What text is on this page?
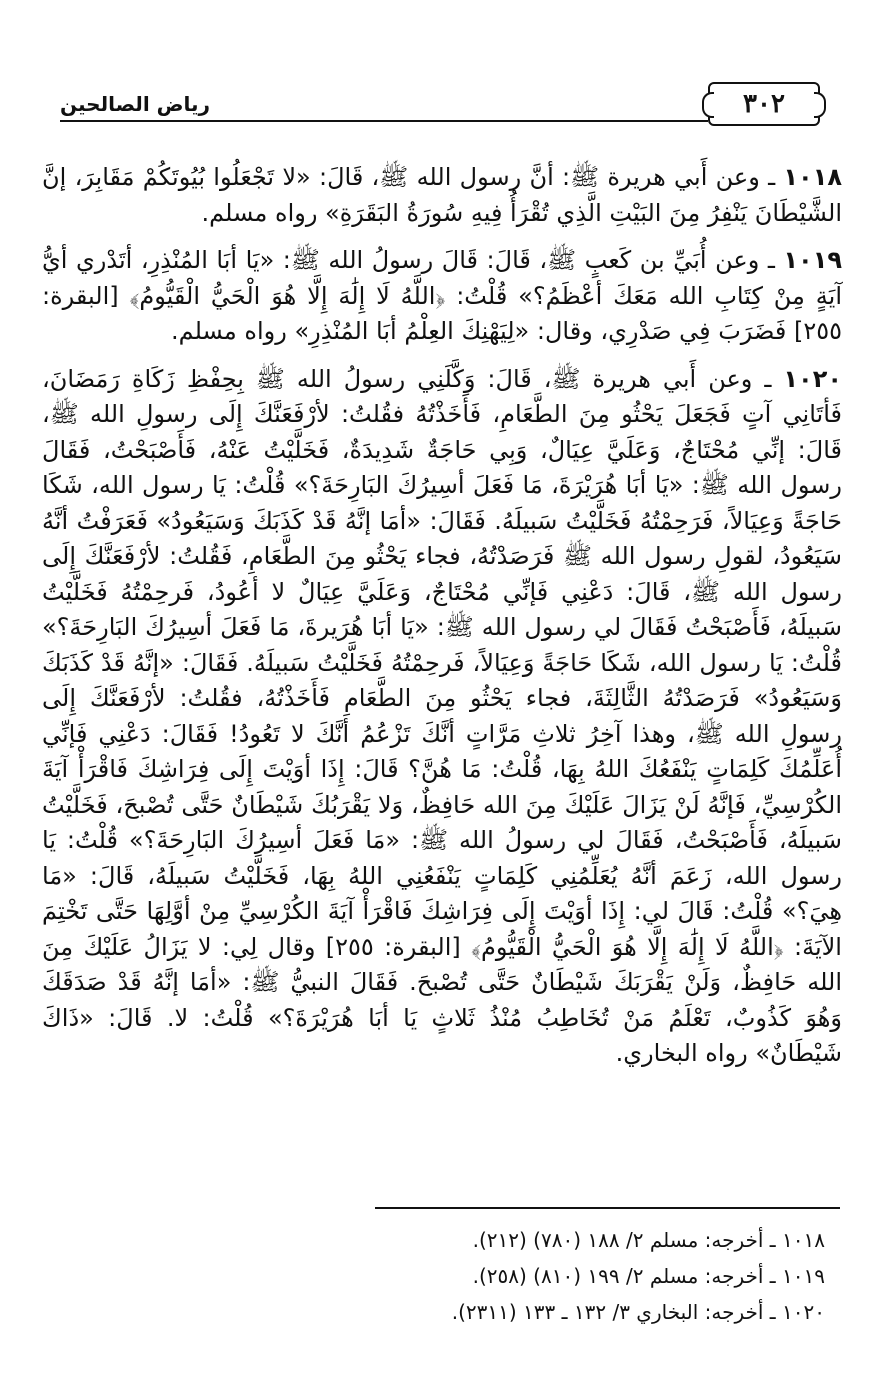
٣٠٢
رياض الصالحين

١٠١٨ ـ وعن أَبي هريرة ﷺ: أنَّ رسول الله ﷺ، قَالَ: «لا تَجْعَلُوا بُيُوتَكُمْ مَقَابِرَ، إنَّ الشَّيْطَانَ يَنْفِرُ مِنَ البَيْتِ الَّذِي تُقْرَأُ فِيهِ سُورَةُ البَقَرَةِ» رواه مسلم.

١٠١٩ ـ وعن أُبَيِّ بن كَعبٍ ﷺ، قَالَ: قَالَ رسولُ الله ﷺ: «يَا أبَا المُنْذِرِ، أتَدْري أيُّ آيَةٍ مِنْ كِتَابِ الله مَعَكَ أعْظَمُ؟» قُلْتُ: ﴿اللَّهُ لَا إِلَٰهَ إِلَّا هُوَ الْحَيُّ الْقَيُّومُ﴾ [البقرة: ٢٥٥] فَضَرَبَ فِي صَدْرِي، وقال: «لِيَهْنِكَ العِلْمُ أبَا المُنْذِرِ» رواه مسلم.

١٠٢٠ ـ وعن أَبي هريرة ﷺ، قَالَ: وَكَّلَنِي رسولُ الله ﷺ بِحِفْظِ زَكَاةِ رَمَضَانَ، فَأتَانِي آتٍ فَجَعَلَ يَحْثُو مِنَ الطَّعَامِ، فَأَخَذْتُهُ فقُلتُ: لأرْفَعَنَّكَ إِلَى رسولِ الله ﷺ، قَالَ: إنِّي مُحْتَاجٌ، وَعَلَيَّ عِيَالٌ، وَبِي حَاجَةٌ شَدِيدَةٌ، فَخَلَّيْتُ عَنْهُ، فَأَصْبَحْتُ، فَقَالَ رسول الله ﷺ: «يَا أبَا هُرَيْرَةَ، مَا فَعَلَ أسِيرُكَ البَارِحَةَ؟» قُلْتُ: يَا رسول الله، شَكَا حَاجَةً وَعِيَالاً، فَرَحِمْتُهُ فَخَلَّيْتُ سَبيلَهُ. فَقَالَ: «أمَا إنَّهُ قَدْ كَذَبَكَ وَسَيَعُودُ» فَعَرَفْتُ أنَّهُ سَيَعُودُ، لقولِ رسول الله ﷺ فَرَصَدْتُهُ، فجاء يَحْثُو مِنَ الطَّعَامِ، فَقُلتُ: لأرْفَعَنَّكَ إِلَى رسول الله ﷺ، قَالَ: دَعْنِي فَإنِّي مُحْتَاجٌ، وَعَلَيَّ عِيَالٌ لا أعُودُ، فَرحِمْتُهُ فَخَلَّيْتُ سَبيلَهُ، فَأَصْبَحْتُ فَقَالَ لي رسول الله ﷺ: «يَا أبَا هُرَيرةَ، مَا فَعَلَ أسِيرُكَ البَارِحَةَ؟» قُلْتُ: يَا رسول الله، شَكَا حَاجَةً وَعِيَالاً، فَرحِمْتُهُ فَخَلَّيْتُ سَبيلَهُ. فَقَالَ: «إنَّهُ قَدْ كَذَبَكَ وَسَيَعُودُ» فَرَصَدْتُهُ الثَّالِثَةَ، فجاء يَحْثُو مِنَ الطَّعَامِ فَأَخَذْتُهُ، فقُلتُ: لأرْفَعَنَّكَ إِلَى رسولِ الله ﷺ، وهذا آخِرُ ثلاثِ مَرَّاتٍ أنَّكَ تَزْعُمُ أنَّكَ لا تَعُودُ! فَقَالَ: دَعْنِي فَإنِّي أُعَلِّمُكَ كَلِمَاتٍ يَنْفَعُكَ اللهُ بِهَا، قُلْتُ: مَا هُنَّ؟ قَالَ: إِذَا أوَيْتَ إِلَى فِرَاشِكَ فَاقْرَأْ آيَةَ الكُرْسِيِّ، فَإنَّهُ لَنْ يَزَالَ عَلَيْكَ مِنَ الله حَافِظٌ، وَلا يَقْرَبُكَ شَيْطَانٌ حَتَّى تُصْبحَ، فَخَلَّيْتُ سَبيلَهُ، فَأَصْبَحْتُ، فَقَالَ لي رسولُ الله ﷺ: «مَا فَعَلَ أسِيرُكَ البَارِحَةَ؟» قُلْتُ: يَا رسول الله، زَعَمَ أنَّهُ يُعَلِّمُنِي كَلِمَاتٍ يَنْفَعُنِي اللهُ بِهَا، فَخَلَّيْتُ سَبيلَهُ، قَالَ: «مَا هِيَ؟» قُلْتُ: قَالَ لي: إِذَا أوَيْتَ إِلَى فِرَاشِكَ فَاقْرَأْ آيَةَ الكُرْسِيِّ مِنْ أوَّلِهَا حَتَّى تَخْتِمَ الآيَةَ: ﴿اللَّهُ لَا إِلَٰهَ إِلَّا هُوَ الْحَيُّ الْقَيُّومُ﴾ [البقرة: ٢٥٥] وقال لِي: لا يَزَالُ عَلَيْكَ مِنَ الله حَافِظٌ، وَلَنْ يَقْرَبَكَ شَيْطَانٌ حَتَّى تُصْبحَ. فَقَالَ النبيُّ ﷺ: «أمَا إنَّهُ قَدْ صَدَقَكَ وَهُوَ كَذُوبٌ، تَعْلَمُ مَنْ تُخَاطِبُ مُنْذُ ثَلاثٍ يَا أبَا هُرَيْرَةَ؟» قُلْتُ: لا. قَالَ: «ذَاكَ شَيْطَانٌ» رواه البخاري.

١٠١٨ ـ أخرجه: مسلم ٢/ ١٨٨ (٧٨٠) (٢١٢).
١٠١٩ ـ أخرجه: مسلم ٢/ ١٩٩ (٨١٠) (٢٥٨).
١٠٢٠ ـ أخرجه: البخاري ٣/ ١٣٢ ـ ١٣٣ (٢٣١١).
